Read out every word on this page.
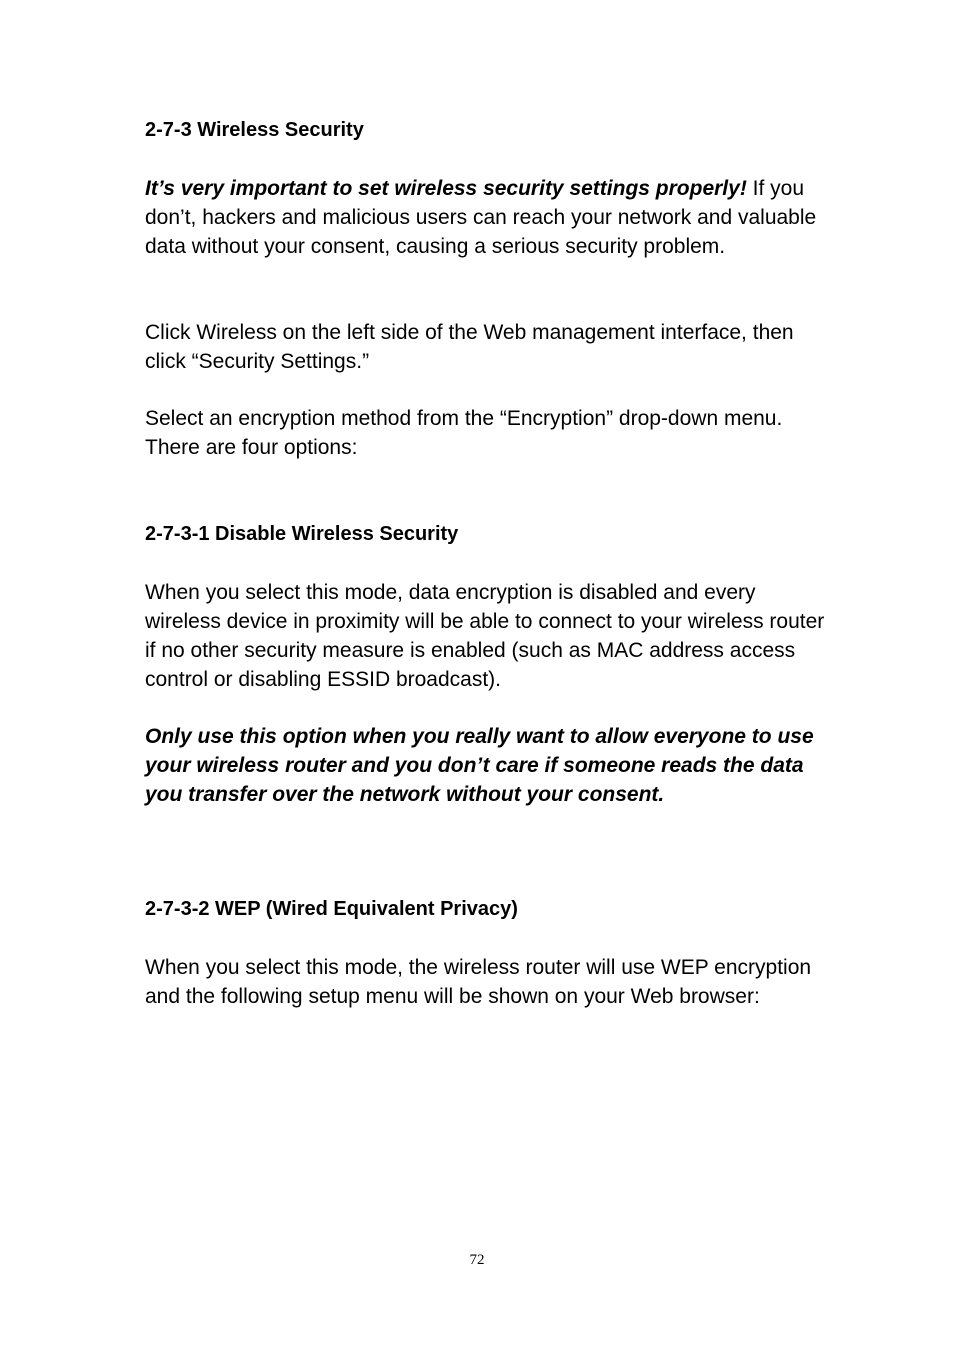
2-7-3 Wireless Security

It’s very important to set wireless security settings properly! If you don’t, hackers and malicious users can reach your network and valuable data without your consent, causing a serious security problem.

Click Wireless on the left side of the Web management interface, then click “Security Settings.”

Select an encryption method from the “Encryption” drop-down menu. There are four options:

2-7-3-1 Disable Wireless Security

When you select this mode, data encryption is disabled and every wireless device in proximity will be able to connect to your wireless router if no other security measure is enabled (such as MAC address access control or disabling ESSID broadcast).

Only use this option when you really want to allow everyone to use your wireless router and you don’t care if someone reads the data you transfer over the network without your consent.

2-7-3-2 WEP (Wired Equivalent Privacy)

When you select this mode, the wireless router will use WEP encryption and the following setup menu will be shown on your Web browser:

72
